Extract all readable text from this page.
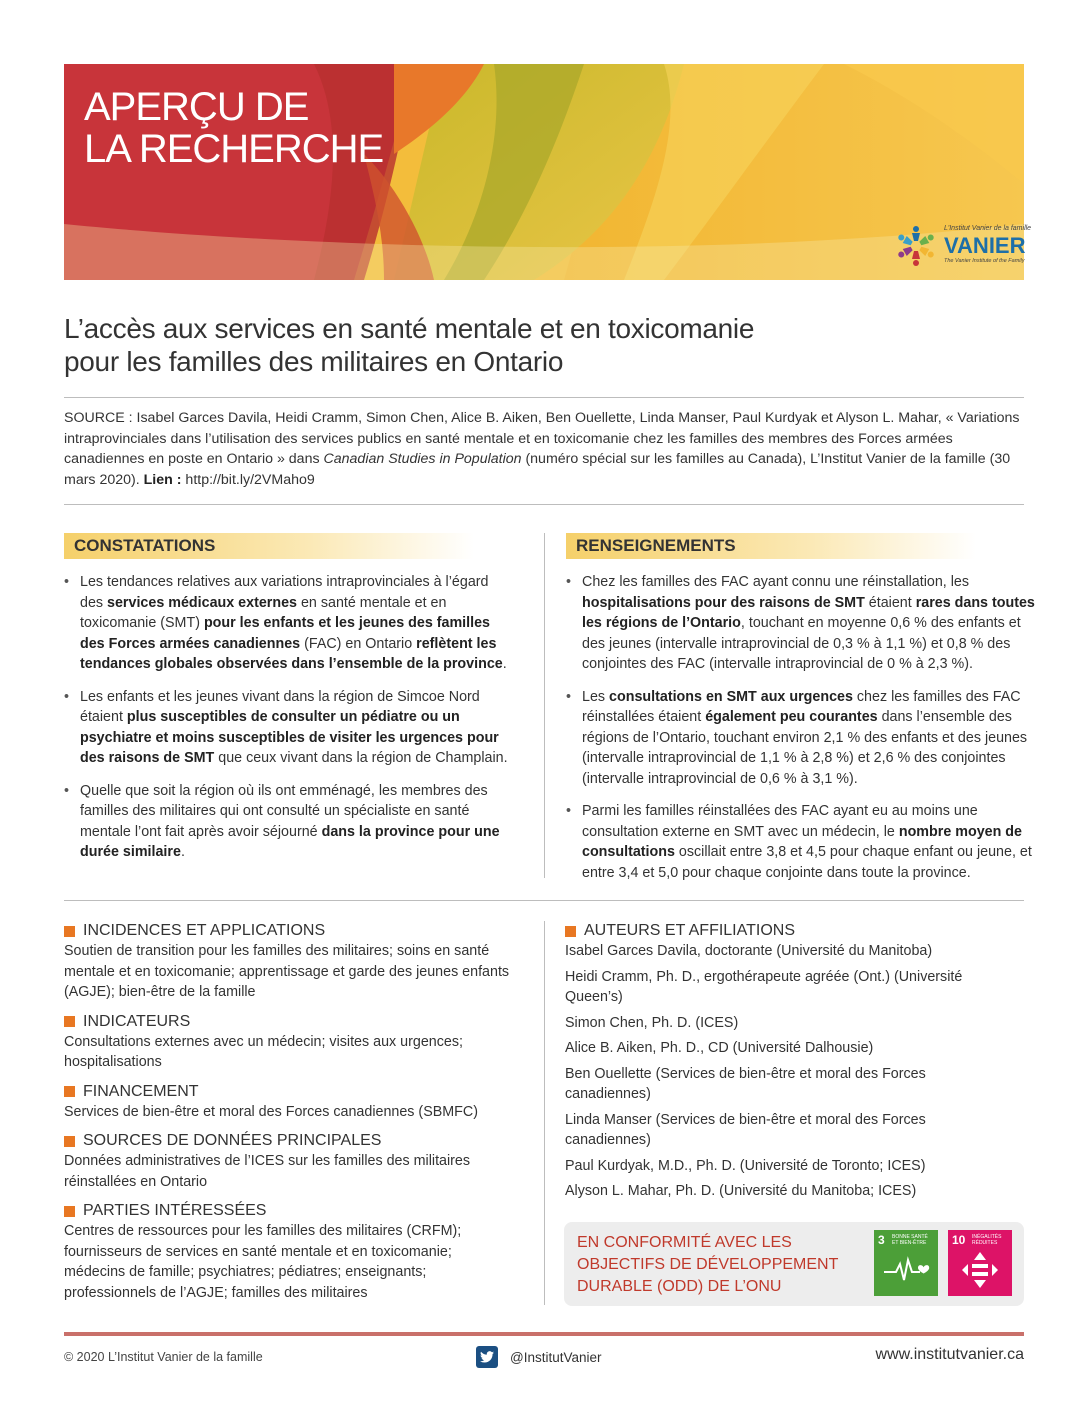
APERÇU DE
LA RECHERCHE
L'Institut Vanier de la famille
VANIER
The Vanier Institute of the Family
L’accès aux services en santé mentale et en toxicomanie
pour les familles des militaires en Ontario

SOURCE : Isabel Garces Davila, Heidi Cramm, Simon Chen, Alice B. Aiken, Ben Ouellette, Linda Manser, Paul Kurdyak et Alyson L. Mahar, « Variations intraprovinciales dans l’utilisation des services publics en santé mentale et en toxicomanie chez les familles des membres des Forces armées canadiennes en poste en Ontario » dans Canadian Studies in Population (numéro spécial sur les familles au Canada), L’Institut Vanier de la famille (30 mars 2020). Lien : http://bit.ly/2VMaho9

CONSTATATIONS	RENSEIGNEMENTS
• Les tendances relatives aux variations intraprovinciales à l’égard des services médicaux externes en santé mentale et en toxicomanie (SMT) pour les enfants et les jeunes des familles des Forces armées canadiennes (FAC) en Ontario reflètent les tendances globales observées dans l’ensemble de la province.
• Les enfants et les jeunes vivant dans la région de Simcoe Nord étaient plus susceptibles de consulter un pédiatre ou un psychiatre et moins susceptibles de visiter les urgences pour des raisons de SMT que ceux vivant dans la région de Champlain.
• Quelle que soit la région où ils ont emménagé, les membres des familles des militaires qui ont consulté un spécialiste en santé mentale l’ont fait après avoir séjourné dans la province pour une durée similaire.
• Chez les familles des FAC ayant connu une réinstallation, les hospitalisations pour des raisons de SMT étaient rares dans toutes les régions de l’Ontario, touchant en moyenne 0,6 % des enfants et des jeunes (intervalle intraprovincial de 0,3 % à 1,1 %) et 0,8 % des conjointes des FAC (intervalle intraprovincial de 0 % à 2,3 %).
• Les consultations en SMT aux urgences chez les familles des FAC réinstallées étaient également peu courantes dans l’ensemble des régions de l’Ontario, touchant environ 2,1 % des enfants et des jeunes (intervalle intraprovincial de 1,1 % à 2,8 %) et 2,6 % des conjointes (intervalle intraprovincial de 0,6 % à 3,1 %).
• Parmi les familles réinstallées des FAC ayant eu au moins une consultation externe en SMT avec un médecin, le nombre moyen de consultations oscillait entre 3,8 et 4,5 pour chaque enfant ou jeune, et entre 3,4 et 5,0 pour chaque conjointe dans toute la province.
INCIDENCES ET APPLICATIONS

Soutien de transition pour les familles des militaires; soins en santé mentale et en toxicomanie; apprentissage et garde des jeunes enfants (AGJE); bien-être de la famille

INDICATEURS

Consultations externes avec un médecin; visites aux urgences; hospitalisations

FINANCEMENT

Services de bien-être et moral des Forces canadiennes (SBMFC)

SOURCES DE DONNÉES PRINCIPALES

Données administratives de l’ICES sur les familles des militaires réinstallées en Ontario

PARTIES INTÉRESSÉES

Centres de ressources pour les familles des militaires (CRFM); fournisseurs de services en santé mentale et en toxicomanie; médecins de famille; psychiatres; pédiatres; enseignants; professionnels de l’AGJE; familles des militaires

AUTEURS ET AFFILIATIONS

Isabel Garces Davila, doctorante (Université du Manitoba)

Heidi Cramm, Ph. D., ergothérapeute agréée (Ont.) (Université Queen’s)

Simon Chen, Ph. D. (ICES)

Alice B. Aiken, Ph. D., CD (Université Dalhousie)

Ben Ouellette (Services de bien-être et moral des Forces canadiennes)

Linda Manser (Services de bien-être et moral des Forces canadiennes)

Paul Kurdyak, M.D., Ph. D. (Université de Toronto; ICES)

Alyson L. Mahar, Ph. D. (Université du Manitoba; ICES)

EN CONFORMITÉ AVEC LES OBJECTIFS DE DÉVELOPPEMENT DURABLE (ODD) DE L’ONU

3 BONNE SANTÉ ET BIEN-ÊTRE	10 INÉGALITÉS RÉDUITES
© 2020 L’Institut Vanier de la famille	@InstitutVanier	www.institutvanier.ca
